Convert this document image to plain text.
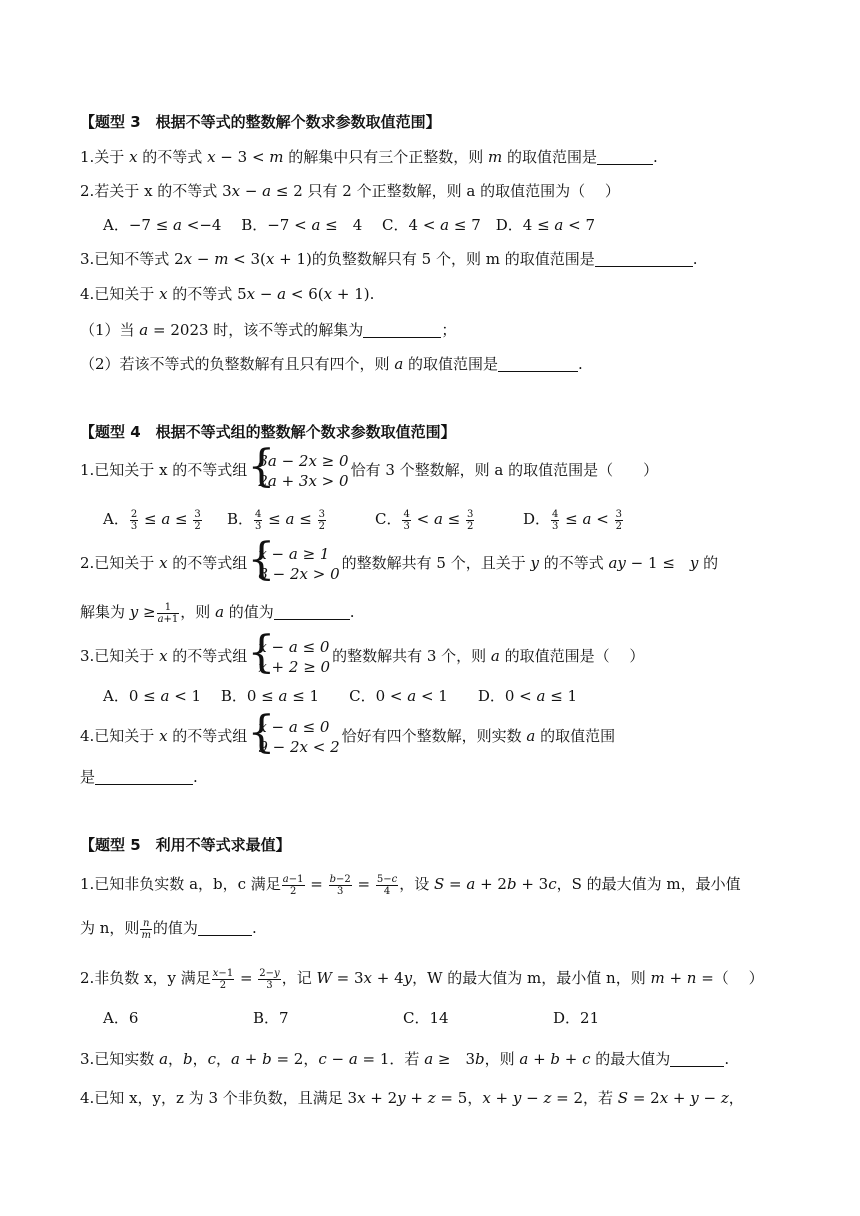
【题型 3　根据不等式的整数解个数求参数取值范围】
1.关于 𝑥 的不等式 𝑥 − 3 < 𝑚 的解集中只有三个正整数，则 𝑚 的取值范围是	.
2.若关于 x 的不等式 3𝑥 − 𝑎 ≤ 2 只有 2 个正整数解，则 a 的取值范围为（　 ）
A．−7 ≤ 𝑎 <−4　 B．−7 < 𝑎 ≤　4　 C．4 < 𝑎 ≤ 7　D．4 ≤ 𝑎 < 7
3.已知不等式 2𝑥 − 𝑚 < 3(𝑥 + 1)的负整数解只有 5 个，则 m 的取值范围是	.
4.已知关于 𝑥 的不等式 5𝑥 − 𝑎 < 6(𝑥 + 1).
（1）当 𝑎 = 2023 时，该不等式的解集为	；
（2）若该不等式的负整数解有且只有四个，则 𝑎 的取值范围是	.
【题型 4　根据不等式组的整数解个数求参数取值范围】
1.已知关于 x 的不等式组 { 3𝑎 − 2𝑥 ≥ 0
2𝑎 + 3𝑥 > 0
恰有 3 个整数解，则 a 的取值范围是（　　）
A． $\frac{2}{3}$ ≤ 𝑎 ≤ $\frac{3}{2}$ B． $\frac{4}{3}$ ≤ 𝑎 ≤ $\frac{3}{2}$	C． $\frac{4}{3}$ < 𝑎 ≤ $\frac{3}{2}$	D． $\frac{4}{3}$ ≤ 𝑎 < $\frac{3}{2}$
2.已知关于 𝑥 的不等式组 { 𝑥 − 𝑎 ≥ 1
8 − 2𝑥 > 0
的整数解共有 5 个，且关于 𝑦 的不等式 𝑎𝑦 − 1 ≤　𝑦 的
解集为 𝑦 ≥ $\frac{1}{\text{𝑎+1}}$ ，则 𝑎 的值为	.
3.已知关于 𝑥 的不等式组 { 𝑥 − 𝑎 ≤ 0
𝑥 + 2 ≥ 0
的整数解共有 3 个，则 𝑎 的取值范围是（　 ）
A．0 ≤ 𝑎 < 1　 B．0 ≤ 𝑎 ≤ 1　　C．0 < 𝑎 < 1　　D．0 < 𝑎 ≤ 1
4.已知关于 𝑥 的不等式组 { 𝑥 − 𝑎 ≤ 0
9 − 2𝑥 < 2
恰好有四个整数解，则实数 𝑎 的取值范围
是	.
【题型 5　利用不等式求最值】
1.已知非负实数 a，b，c 满足 $\frac{\text{𝑎−1}}{2} = \frac{\text{𝑏−2}}{3} = \frac{\text{5−𝑐}}{4}$ ，设 𝑆 = 𝑎 + 2𝑏 + 3𝑐，S 的最大值为 m，最小值
为 n，则 $\frac{\text{𝑛}}{\text{𝑚}}$ 的值为	.
2.非负数 x，y 满足 $\frac{\text{𝑥−1}}{2} = \frac{\text{2−𝑦}}{3}$ ，记 𝑊 = 3𝑥 + 4𝑦，W 的最大值为 m，最小值 n，则 𝑚 + 𝑛 =（　 ）
A．6	B．7	C．14	D．21
3.已知实数 𝑎，𝑏，𝑐，𝑎 + 𝑏 = 2，𝑐 − 𝑎 = 1．若 𝑎 ≥　3𝑏，则 𝑎 + 𝑏 + 𝑐 的最大值为	.
4.已知 x，y，z 为 3 个非负数，且满足 3𝑥 + 2𝑦 + 𝑧 = 5，𝑥 + 𝑦 − 𝑧 = 2，若 𝑆 = 2𝑥 + 𝑦 − 𝑧，
